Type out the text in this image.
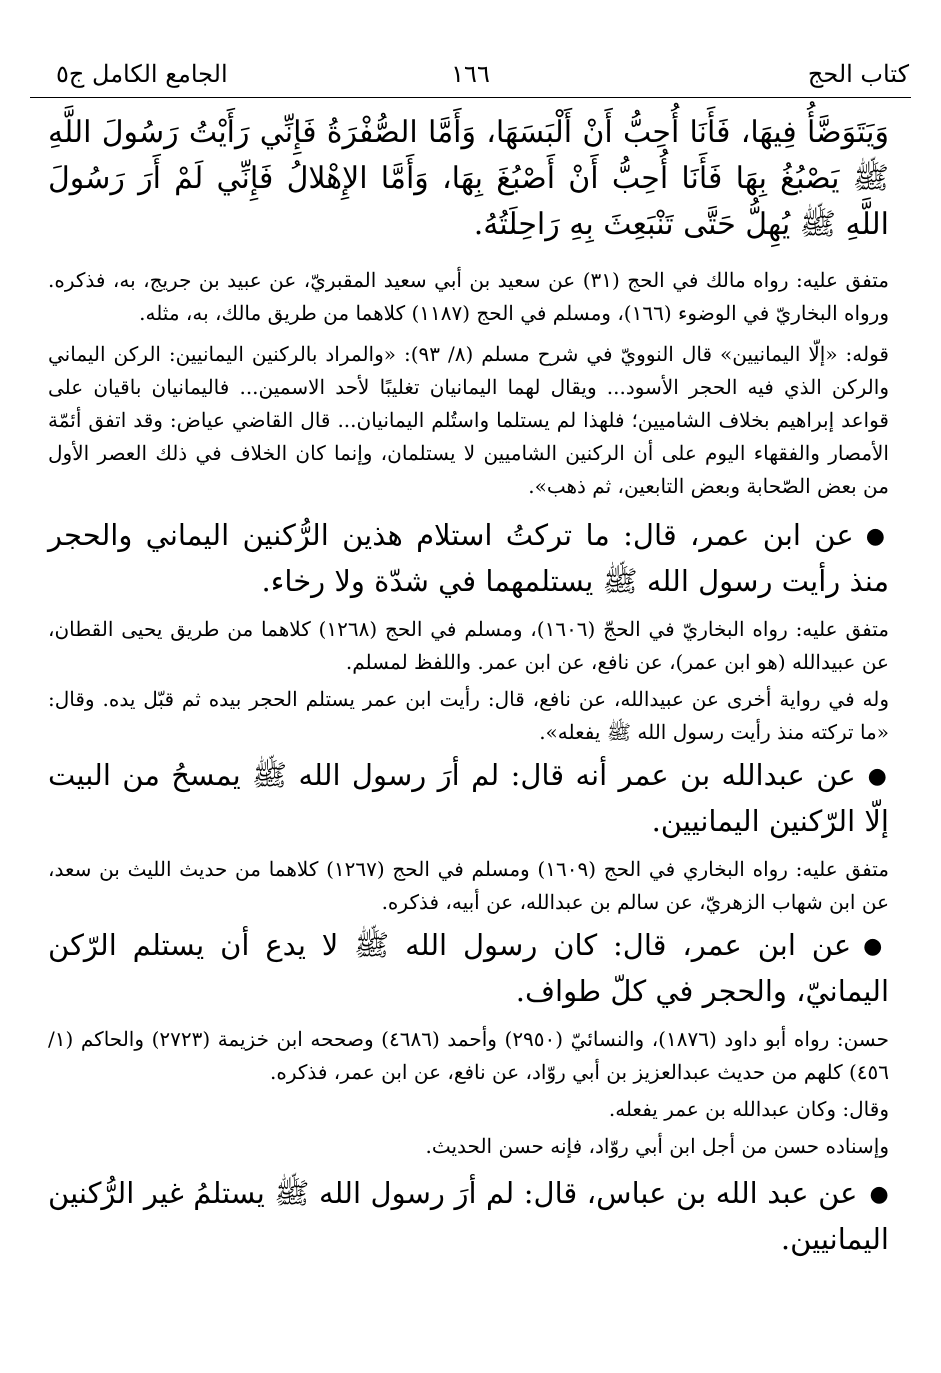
كتاب الحج
١٦٦
الجامع الكامل ج٥

وَيَتَوَضَّأُ فِيهَا، فَأَنَا أُحِبُّ أَنْ أَلْبَسَهَا، وَأَمَّا الصُّفْرَةُ فَإِنِّي رَأَيْتُ رَسُولَ اللَّهِ ﷺ يَصْبُغُ بِهَا فَأَنَا أُحِبُّ أَنْ أَصْبُغَ بِهَا، وَأَمَّا الإِهْلالُ فَإِنِّي لَمْ أَرَ رَسُولَ اللَّهِ ﷺ يُهِلُّ حَتَّى تَنْبَعِثَ بِهِ رَاحِلَتُهُ.

متفق عليه: رواه مالك في الحج (٣١) عن سعيد بن أبي سعيد المقبريّ، عن عبيد بن جريج، به، فذكره. ورواه البخاريّ في الوضوء (١٦٦)، ومسلم في الحج (١١٨٧) كلاهما من طريق مالك، به، مثله.

قوله: «إلّا اليمانيين» قال النوويّ في شرح مسلم (٨/ ٩٣): «والمراد بالركنين اليمانيين: الركن اليماني والركن الذي فيه الحجر الأسود... ويقال لهما اليمانيان تغليبًا لأحد الاسمين... فاليمانيان باقيان على قواعد إبراهيم بخلاف الشاميين؛ فلهذا لم يستلما واستُلم اليمانيان... قال القاضي عياض: وقد اتفق أئمّة الأمصار والفقهاء اليوم على أن الركنين الشاميين لا يستلمان، وإنما كان الخلاف في ذلك العصر الأول من بعض الصّحابة وبعض التابعين، ثم ذهب».

●عن ابن عمر، قال: ما تركتُ استلام هذين الرُّكنين اليماني والحجر منذ رأيت رسول الله ﷺ يستلمهما في شدّة ولا رخاء.

متفق عليه: رواه البخاريّ في الحجّ (١٦٠٦)، ومسلم في الحج (١٢٦٨) كلاهما من طريق يحيى القطان، عن عبيدالله (هو ابن عمر)، عن نافع، عن ابن عمر. واللفظ لمسلم.

وله في رواية أخرى عن عبيدالله، عن نافع، قال: رأيت ابن عمر يستلم الحجر بيده ثم قبّل يده. وقال: «ما تركته منذ رأيت رسول الله ﷺ يفعله».

●عن عبدالله بن عمر أنه قال: لم أرَ رسول الله ﷺ يمسحُ من البيت إلّا الرّكنين اليمانيين.

متفق عليه: رواه البخاري في الحج (١٦٠٩) ومسلم في الحج (١٢٦٧) كلاهما من حديث الليث بن سعد، عن ابن شهاب الزهريّ، عن سالم بن عبدالله، عن أبيه، فذكره.

●عن ابن عمر، قال: كان رسول الله ﷺ لا يدع أن يستلم الرّكن اليمانيّ، والحجر في كلّ طواف.

حسن: رواه أبو داود (١٨٧٦)، والنسائيّ (٢٩٥٠) وأحمد (٤٦٨٦) وصححه ابن خزيمة (٢٧٢٣) والحاكم (١/ ٤٥٦) كلهم من حديث عبدالعزيز بن أبي روّاد، عن نافع، عن ابن عمر، فذكره.

وقال: وكان عبدالله بن عمر يفعله.

وإسناده حسن من أجل ابن أبي روّاد، فإنه حسن الحديث.

●عن عبد الله بن عباس، قال: لم أرَ رسول الله ﷺ يستلمُ غير الرُّكنين اليمانيين.
